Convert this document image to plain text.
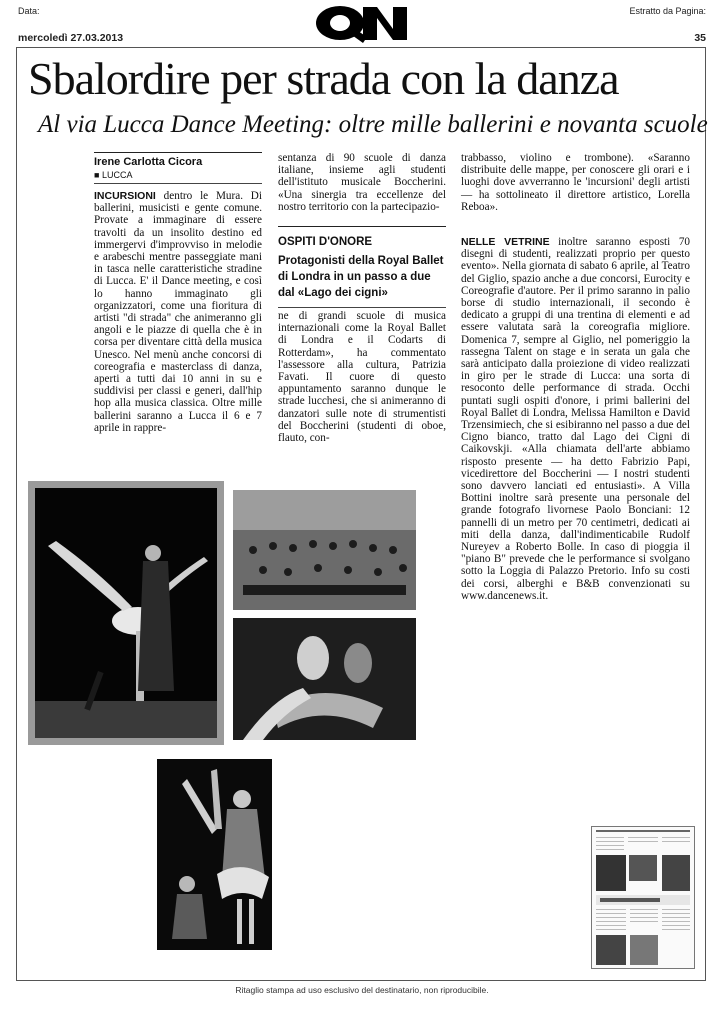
Data:
mercoledì 27.03.2013
Estratto da Pagina:
35
Sbalordire per strada con la danza
Al via Lucca Dance Meeting: oltre mille ballerini e novanta scuole
Irene Carlotta Cicora
■ LUCCA

INCURSIONI dentro le Mura. Di ballerini, musicisti e gente comune. Provate a immaginare di essere travolti da un insolito destino ed immergervi d'improvviso in melodie e arabeschi mentre passeggiate mani in tasca nelle caratteristiche stradine di Lucca. E' il Dance meeting, e così lo hanno immaginato gli organizzatori, come una fioritura di artisti "di strada" che animeranno gli angoli e le piazze di quella che è in corsa per diventare città della musica Unesco. Nel menù anche concorsi di coreografia e masterclass di danza, aperti a tutti dai 10 anni in su e suddivisi per classi e generi, dall'hip hop alla musica classica. Oltre mille ballerini saranno a Lucca il 6 e 7 aprile in rappre-

sentanza di 90 scuole di danza italiane, insieme agli studenti dell'istituto musicale Boccherini. «Una sinergia tra eccellenze del nostro territorio con la partecipazio-

OSPITI D'ONORE
Protagonisti della Royal Ballet di Londra in un passo a due dal «Lago dei cigni»

ne di grandi scuole di musica internazionali come la Royal Ballet di Londra e il Codarts di Rotterdam», ha commentato l'assessore alla cultura, Patrizia Favati. Il cuore di questo appuntamento saranno dunque le strade lucchesi, che si animeranno di danzatori sulle note di strumentisti del Boccherini (studenti di oboe, flauto, con-

trabbasso, violino e trombone). «Saranno distribuite delle mappe, per conoscere gli orari e i luoghi dove avverranno le 'incursioni' degli artisti — ha sottolineato il direttore artistico, Lorella Reboa».

NELLE VETRINE inoltre saranno esposti 70 disegni di studenti, realizzati proprio per questo evento». Nella giornata di sabato 6 aprile, al Teatro del Giglio, spazio anche a due concorsi, Eurocity e Coreografie d'autore. Per il primo saranno in palio borse di studio internazionali, il secondo è dedicato a gruppi di una trentina di elementi e ad essere valutata sarà la coreografia migliore. Domenica 7, sempre al Giglio, nel pomeriggio la rassegna Talent on stage e in serata un gala che sarà anticipato dalla proiezione di video realizzati in giro per le strade di Lucca: una sorta di resoconto delle performance di strada. Occhi puntati sugli ospiti d'onore, i primi ballerini del Royal Ballet di Londra, Melissa Hamilton e David Trzensimiech, che si esibiranno nel passo a due del Cigno bianco, tratto dal Lago dei Cigni di Caikovskji. «Alla chiamata dell'arte abbiamo risposto presente — ha detto Fabrizio Papi, vicedirettore del Boccherini — I nostri studenti sono davvero lanciati ed entusiasti». A Villa Bottini inoltre sarà presente una personale del grande fotografo livornese Paolo Bonciani: 12 pannelli di un metro per 70 centimetri, dedicati ai miti della danza, dall'indimenticabile Rudolf Nureyev a Roberto Bolle. In caso di pioggia il "piano B" prevede che le performance si svolgano sotto la Loggia di Palazzo Pretorio. Info su costi dei corsi, alberghi e B&B convenzionati su www.dancenews.it.

Ritaglio stampa ad uso esclusivo del destinatario, non riproducibile.
